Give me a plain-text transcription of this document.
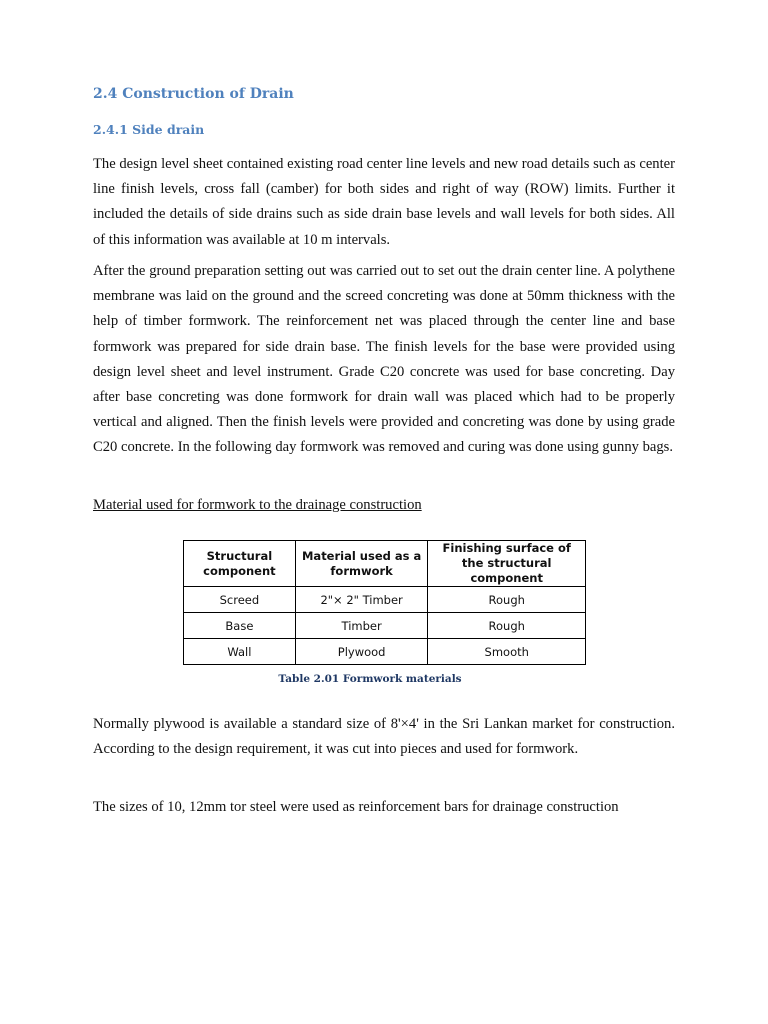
2.4 Construction of Drain
2.4.1 Side drain

The design level sheet contained existing road center line levels and new road details such as center line finish levels, cross fall (camber) for both sides and right of way (ROW) limits. Further it included the details of side drains such as side drain base levels and wall levels for both sides. All of this information was available at 10 m intervals.

After the ground preparation setting out was carried out to set out the drain center line. A polythene membrane was laid on the ground and the screed concreting was done at 50mm thickness with the help of timber formwork. The reinforcement net was placed through the center line and base formwork was prepared for side drain base. The finish levels for the base were provided using design level sheet and level instrument. Grade C20 concrete was used for base concreting. Day after base concreting was done formwork for drain wall was placed which had to be properly vertical and aligned. Then the finish levels were provided and concreting was done by using grade C20 concrete. In the following day formwork was removed and curing was done using gunny bags.

Material used for formwork to the drainage construction

Structural component	Material used as a formwork	Finishing surface of the structural component
Screed	2"× 2" Timber	Rough
Base	Timber	Rough
Wall	Plywood	Smooth

Table 2.01 Formwork materials

Normally plywood is available a standard size of 8'×4' in the Sri Lankan market for construction. According to the design requirement, it was cut into pieces and used for formwork.

The sizes of 10, 12mm tor steel were used as reinforcement bars for drainage construction
